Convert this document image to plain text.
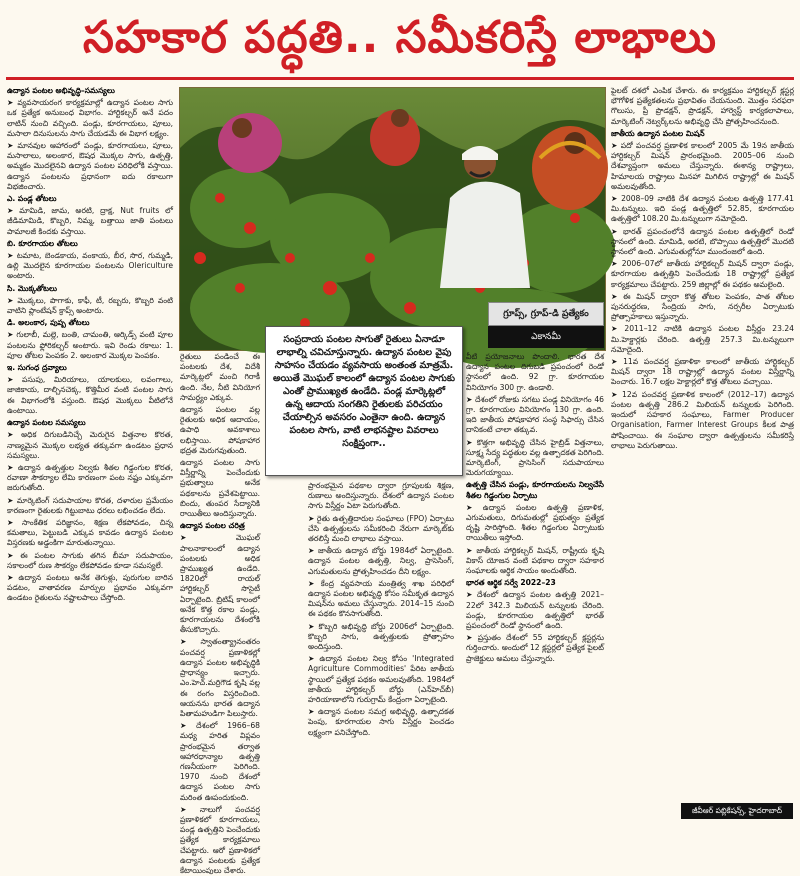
సహకార పద్ధతి.. సమీకరిస్తే లాభాలు

ఉద్యాన పంటల అభివృద్ధి–సమస్యలు

➤ వ్యవసాయరంగ కార్యక్రమాల్లో ఉద్యాన పంటల సాగు ఒక ప్రత్యేక అనుబంధ విభాగం. హార్టికల్చర్‌ అనే పదం లాటిన్‌ నుంచి వచ్చింది. పండ్లు, కూరగాయలు, పూలు, మసాలా దినుసులను సాగు చేయడమే ఈ విభాగ లక్ష్యం.

➤ మానవుల ఆహారంలో పండ్లు, కూరగాయలు, పూలు, మసాలాలు, అలంకార, ఔషధ మొక్కల సాగు, ఉత్పత్తి, అమ్మకం మొదలైనవి ఉద్యాన పంటల పరిధిలోకి వస్తాయి. ఉద్యాన పంటలను ప్రధానంగా ఐదు రకాలుగా విభజించారు.

ఎ. పండ్ల తోటలు

➤ మామిడి, జామ, అరటి, ద్రాక్ష, Nut fruits లో జీడిమామిడి, కొబ్బరి, నిమ్మ, బత్తాయి జాతి పంటలు పామాలజీ కిందకు వస్తాయి.

బి. కూరగాయల తోటలు

➤ టమాట, బెండకాయ, వంకాయ, బీర, సొర, గుమ్మడి, ఉల్లి మొదలైన కూరగాయల పంటలను Olericulture అంటారు.

సి. మొక్కతోటలు

➤ మొక్కలు, పొగాకు, కాఫీ, టీ, రబ్బరు, కొబ్బరి వంటి వాటిని ప్లాంటేషన్‌ క్రాప్స్‌ అంటారు.

డి. అలంకార, పుష్ప తోటలు

➤ గులాబీ, మల్లె, బంతి, చామంతి, ఆర్కిడ్స్‌ వంటి పూల పంటలను ఫ్లోరికల్చర్‌ అంటారు. ఇవి రెండు రకాలు: 1. పూల తోటల పెంపకం 2. అలంకార మొక్కల పెంపకం.

ఇ. సుగంధ ద్రవ్యాలు

➤ పసుపు, మిరియాలు, యాలకులు, లవంగాలు, జాజికాయ, దాల్చినచెక్క, కొత్తిమీర వంటి పంటల సాగు ఈ విభాగంలోకి వస్తుంది. ఔషధ మొక్కలు వీటిలోనే ఉంటాయి.

ఉద్యాన పంటల సమస్యలు

➤ అధిక దిగుబడినిచ్చే మెరుగైన విత్తనాల కొరత, నాణ్యమైన మొక్కల లభ్యత తక్కువగా ఉండటం ప్రధాన సమస్యలు.

➤ ఉద్యాన ఉత్పత్తుల నిల్వకు శీతల గిడ్డంగుల కొరత, రవాణా సౌకర్యాల లేమి కారణంగా పంట నష్టం ఎక్కువగా జరుగుతోంది.

➤ మార్కెటింగ్‌ సదుపాయాల కొరత, దళారుల ప్రమేయం కారణంగా రైతులకు గిట్టుబాటు ధరలు లభించడం లేదు.

➤ సాంకేతిక పరిజ్ఞానం, శిక్షణ లేకపోవడం, చిన్న కమతాలు, పెట్టుబడి ఎక్కువ కావడం ఉద్యాన పంటల విస్తరణకు అడ్డంకిగా మారుతున్నాయి.

➤ ఈ పంటల సాగుకు తగిన బీమా సదుపాయం, సకాలంలో రుణ సౌకర్యం లేకపోవడం కూడా సమస్యలే.

➤ ఉద్యాన పంటలు అనేక తెగుళ్లు, పురుగుల బారిన పడటం, వాతావరణ మార్పుల ప్రభావం ఎక్కువగా ఉండటం రైతులను నష్టాలపాలు చేస్తోంది.

గ్రూప్స్‌, గ్రూప్‌-డి ప్రత్యేకం
ఎకానమీ

రైతులు పండించే ఈ పంటలకు దేశ, విదేశీ మార్కెట్లలో మంచి గిరాకీ ఉంది. నేల, నీటి వినియోగ సామర్థ్యం ఎక్కువ.

ఉద్యాన పంటల వల్ల రైతులకు అధిక ఆదాయం, ఉపాధి అవకాశాలు లభిస్తాయి. పోషకాహార భద్రత మెరుగవుతుంది.

ఉద్యాన పంటల సాగు విస్తీర్ణాన్ని పెంచేందుకు ప్రభుత్వాలు అనేక పథకాలను ప్రవేశపెట్టాయి. బిందు, తుంపర సేద్యానికి రాయితీలు అందిస్తున్నారు.

ఉద్యాన పంటల చరిత్ర

➤ మొఘల్‌ పాలనాకాలంలో ఉద్యాన పంటలకు అధిక ప్రాముఖ్యత ఉండేది. 1820లో రాయల్‌ హార్టికల్చర్‌ సొసైటీ ఏర్పాటైంది. బ్రిటిష్‌ కాలంలో అనేక కొత్త రకాల పండ్లు, కూరగాయలను దేశంలోకి తీసుకొచ్చారు.

➤ స్వాతంత్య్రానంతరం పంచవర్ష ప్రణాళికల్లో ఉద్యాన పంటల అభివృద్ధికి ప్రాధాన్యం ఇచ్చారు. ఎం.హెచ్‌.మర్రిగౌడ కృషి వల్ల ఈ రంగం విస్తరించింది. ఆయనను భారత ఉద్యాన పితామహుడిగా పిలుస్తారు.

➤ దేశంలో 1966–68 మధ్య హరిత విప్లవం ప్రారంభమైన తర్వాత ఆహారధాన్యాల ఉత్పత్తి గణనీయంగా పెరిగింది. 1970 నుంచి దేశంలో ఉద్యాన పంటల సాగు మరింత ఊపందుకుంది.

➤ నాలుగో పంచవర్ష ప్రణాళికలో కూరగాయలు, పండ్ల ఉత్పత్తిని పెంచేందుకు ప్రత్యేక కార్యక్రమాలు చేపట్టారు. ఆరో ప్రణాళికలో ఉద్యాన పంటలకు ప్రత్యేక కేటాయింపులు చేశారు.

ప్రారంభమైన పథకాల ద్వారా గ్రూపులకు శిక్షణ, రుణాలు అందిస్తున్నారు. దేశంలో ఉద్యాన పంటల సాగు విస్తీర్ణం ఏటా పెరుగుతోంది.

➤ రైతు ఉత్పత్తిదారుల సంఘాలు (FPO) ఏర్పాటు చేసి ఉత్పత్తులను సమీకరించి నేరుగా మార్కెట్‌కు తరలిస్తే మంచి లాభాలు వస్తాయి.

➤ జాతీయ ఉద్యాన బోర్డు 1984లో ఏర్పాటైంది. ఉద్యాన పంటల ఉత్పత్తి, నిల్వ, ప్రాసెసింగ్‌, ఎగుమతులను ప్రోత్సహించడం దీని లక్ష్యం.

➤ కేంద్ర వ్యవసాయ మంత్రిత్వ శాఖ పరిధిలో ఉద్యాన పంటల అభివృద్ధి కోసం సమీకృత ఉద్యాన మిషన్‌ను అమలు చేస్తున్నారు. 2014–15 నుంచి ఈ పథకం కొనసాగుతోంది.

➤ కొబ్బరి అభివృద్ధి బోర్డు 2006లో ఏర్పాటైంది. కొబ్బరి సాగు, ఉత్పత్తులకు ప్రోత్సాహం అందిస్తుంది.

➤ ఉద్యాన పంటల నిల్వ కోసం 'Integrated Agriculture Commodities' పేరిట జాతీయ స్థాయిలో ప్రత్యేక పథకం అమలవుతోంది. 1984లో జాతీయ హార్టికల్చర్‌ బోర్డు (ఎన్‌హెచ్‌బీ) హరియాణాలోని గురుగ్రామ్‌ కేంద్రంగా ఏర్పాటైంది.

➤ ఉద్యాన పంటల సమగ్ర అభివృద్ధి, ఉత్పాదకత పెంపు, కూరగాయల సాగు విస్తీర్ణం పెంచడం లక్ష్యంగా పనిచేస్తోంది.

వీటి ప్రయోజనాలు పొందాలి. భారత దేశ ఉద్యాన పంటల దిగుబడి ప్రపంచంలో రెండో స్థానంలో ఉంది. 92 గ్రా. కూరగాయల వినియోగం 300 గ్రా. ఉండాలి.

➤ దేశంలో రోజుకు సగటు పండ్ల వినియోగం 46 గ్రా. కూరగాయల వినియోగం 130 గ్రా. ఉంది. ఇది జాతీయ పోషకాహార సంస్థ సిఫార్సు చేసిన దానికంటే చాలా తక్కువ.

➤ కొత్తగా అభివృద్ధి చేసిన హైబ్రిడ్‌ విత్తనాలు, సూక్ష్మ సేద్య పద్ధతుల వల్ల ఉత్పాదకత పెరిగింది. మార్కెటింగ్‌, ప్రాసెసింగ్‌ సదుపాయాలు మెరుగయ్యాయి.

ఉత్పత్తి చేసిన పండ్లు, కూరగాయలను నిల్వచేసే శీతల గిడ్డంగుల ఏర్పాటు

➤ ఉద్యాన పంటల ఉత్పత్తి ప్రణాళిక, ఎగుమతులు, దిగుమతుల్లో ప్రభుత్వం ప్రత్యేక దృష్టి సారిస్తోంది. శీతల గిడ్డంగుల ఏర్పాటుకు రాయితీలు ఇస్తోంది.

➤ జాతీయ హార్టికల్చర్‌ మిషన్‌, రాష్ట్రీయ కృషి వికాస్‌ యోజన వంటి పథకాల ద్వారా సహకార సంఘాలకు ఆర్థిక సాయం అందుతోంది.

భారత ఆర్థిక సర్వే 2022–23

➤ దేశంలో ఉద్యాన పంటల ఉత్పత్తి 2021–22లో 342.3 మిలియన్‌ టన్నులకు చేరింది. పండ్లు, కూరగాయల ఉత్పత్తిలో భారత్‌ ప్రపంచంలో రెండో స్థానంలో ఉంది.

➤ ప్రస్తుతం దేశంలో 55 హార్టికల్చర్‌ క్లస్టర్లను గుర్తించారు. అందులో 12 క్లస్టర్లలో ప్రత్యేక పైలట్‌ ప్రాజెక్టులు అమలు చేస్తున్నారు.

పైలట్‌ దశలో ఎంపిక చేశారు. ఈ కార్యక్రమం హార్టికల్చర్‌ క్లస్టర్ల భౌగోళిక ప్రత్యేకతలను ప్రభావితం చేయనుంది. మొత్తం సరఫరా గొలుసు, ప్రీ ప్రొడక్షన్‌, ప్రొడక్షన్‌, హార్వెస్ట్‌ కార్యకలాపాలు, మార్కెటింగ్‌ నెట్వర్క్‌లను అభివృద్ధి చేసి ప్రోత్సహించనుంది.

జాతీయ ఉద్యాన పంటల మిషన్‌

➤ పదో పంచవర్ష ప్రణాళిక కాలంలో 2005 మే 19న జాతీయ హార్టికల్చర్‌ మిషన్‌ ప్రారంభమైంది. 2005–06 నుంచి దేశవ్యాప్తంగా అమలు చేస్తున్నారు. ఈశాన్య రాష్ట్రాలు, హిమాలయ రాష్ట్రాలు మినహా మిగిలిన రాష్ట్రాల్లో ఈ మిషన్‌ అమలవుతోంది.

➤ 2008–09 నాటికి దేశ ఉద్యాన పంటల ఉత్పత్తి 177.41 మి.టన్నులు. ఇది పండ్ల ఉత్పత్తిలో 52.85, కూరగాయల ఉత్పత్తిలో 108.20 మి.టన్నులుగా నమోదైంది.

➤ భారత్‌ ప్రపంచంలోనే ఉద్యాన పంటల ఉత్పత్తిలో రెండో స్థానంలో ఉంది. మామిడి, అరటి, బొప్పాయి ఉత్పత్తిలో మొదటి స్థానంలో ఉంది. ఎగుమతుల్లోనూ ముందంజలో ఉంది.

➤ 2006–07లో జాతీయ హార్టికల్చర్‌ మిషన్‌ ద్వారా పండ్లు, కూరగాయల ఉత్పత్తిని పెంచేందుకు 18 రాష్ట్రాల్లో ప్రత్యేక కార్యక్రమాలు చేపట్టారు. 259 జిల్లాల్లో ఈ పథకం అమలైంది.

➤ ఈ మిషన్‌ ద్వారా కొత్త తోటల పెంపకం, పాత తోటల పునరుద్ధరణ, సేంద్రియ సాగు, నర్సరీల ఏర్పాటుకు ప్రోత్సాహకాలు ఇస్తున్నారు.

➤ 2011–12 నాటికి ఉద్యాన పంటల విస్తీర్ణం 23.24 మి.హెక్టార్లకు చేరింది. ఉత్పత్తి 257.3 మి.టన్నులుగా నమోదైంది.

➤ 11వ పంచవర్ష ప్రణాళికా కాలంలో జాతీయ హార్టికల్చర్‌ మిషన్‌ ద్వారా 18 రాష్ట్రాల్లో ఉద్యాన పంటల విస్తీర్ణాన్ని పెంచారు. 16.7 లక్షల హెక్టార్లలో కొత్త తోటలు వచ్చాయి.

➤ 12వ పంచవర్ష ప్రణాళిక కాలంలో (2012–17) ఉద్యాన పంటల ఉత్పత్తి 286.2 మిలియన్‌ టన్నులకు పెరిగింది. ఇందులో సహకార సంఘాలు, Farmer Producer Organisation, Farmer Interest Groups కీలక పాత్ర పోషించాయి. ఈ సంఘాల ద్వారా ఉత్పత్తులను సమీకరిస్తే లాభాలు పెరుగుతాయి.

సంప్రదాయ పంటల సాగుతో రైతులు ఏనాడూ లాభాల్ని చవిచూస్తున్నారు. ఉద్యాన పంటల వైపు సాహసం చేయడం వ్యవసాయ అంతంత మాత్రమే. అయితే మొఘల్‌ కాలంలో ఉద్యాన పంటల సాగుకు ఎంతో ప్రాముఖ్యత ఉండేది. పండ్ల మార్కెట్లలో ఉన్న ఆదాయ సంగతిని రైతులకు పరిచయం చేయాల్సిన అవసరం ఎంతైనా ఉంది. ఉద్యాన పంటల సాగు, వాటి లాభనష్టాల వివరాలు సంక్షిప్తంగా..
జీవీఆర్ పబ్లికేషన్స్‌, హైదరాబాద్‌
